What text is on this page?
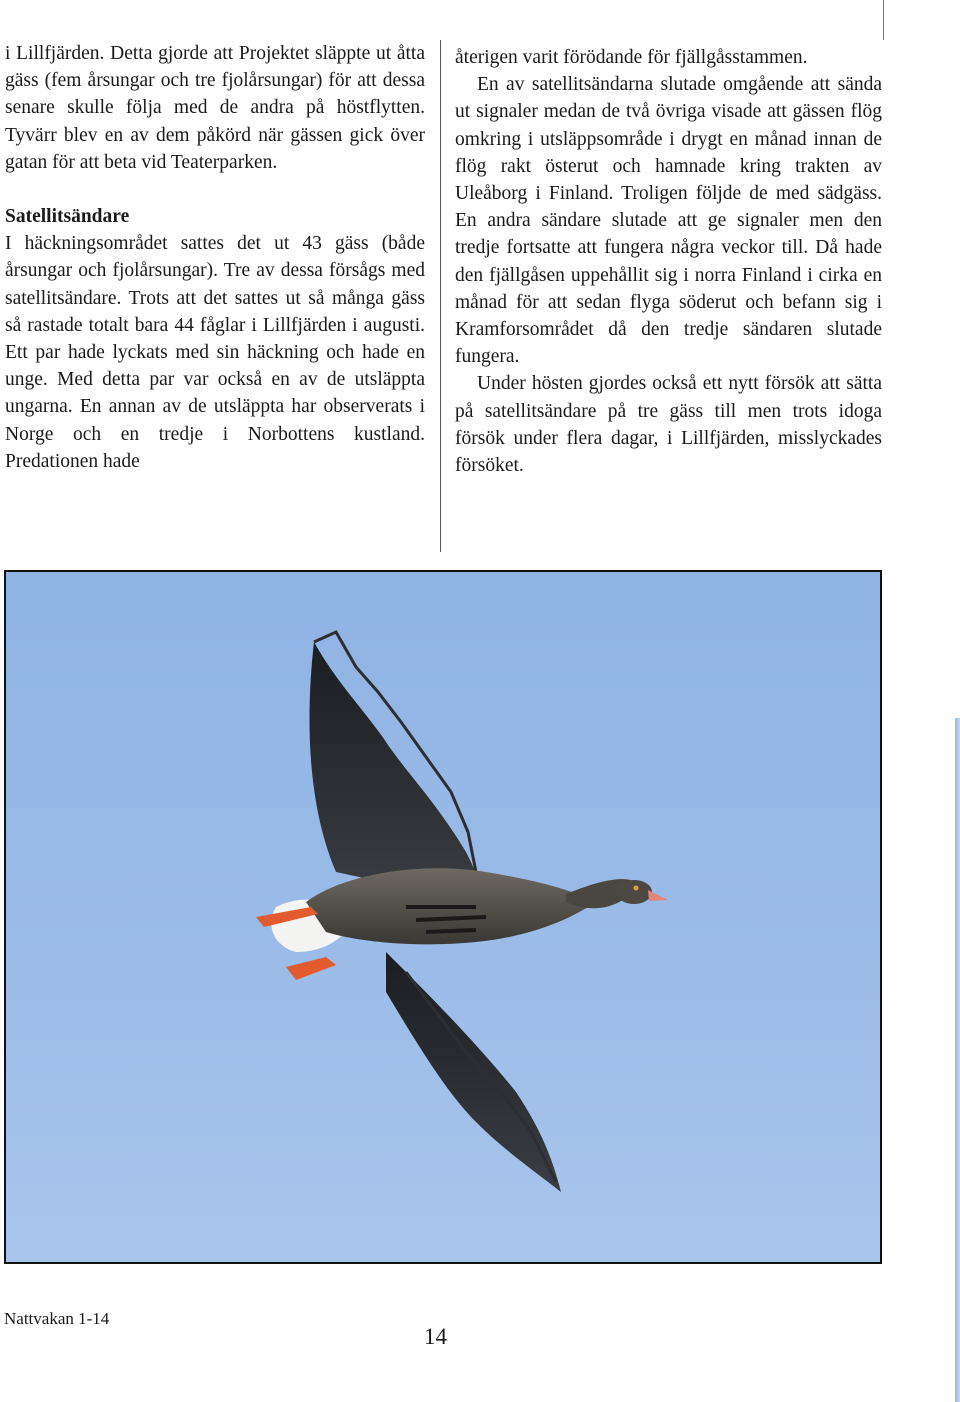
i Lillfjärden. Detta gjorde att Projektet släppte ut åtta gäss (fem årsungar och tre fjolårsungar) för att dessa senare skulle följa med de andra på höstflytten. Tyvärr blev en av dem påkörd när gässen gick över gatan för att beta vid Teaterparken.

Satellitsändare

I häckningsområdet sattes det ut 43 gäss (både årsungar och fjolårsungar). Tre av dessa försågs med satellitsändare. Trots att det sattes ut så många gäss så rastade totalt bara 44 fåglar i Lillfjärden i augusti. Ett par hade lyckats med sin häckning och hade en unge. Med detta par var också en av de utsläppta ungarna. En annan av de utsläppta har observerats i Norge och en tredje i Norbottens kustland. Predationen hade

återigen varit förödande för fjällgåsstammen.

En av satellitsändarna slutade omgående att sända ut signaler medan de två övriga visade att gässen flög omkring i utsläppsområde i drygt en månad innan de flög rakt österut och hamnade kring trakten av Uleåborg i Finland. Troligen följde de med sädgäss. En andra sändare slutade att ge signaler men den tredje fortsatte att fungera några veckor till. Då hade den fjällgåsen uppehållit sig i norra Finland i cirka en månad för att sedan flyga söderut och befann sig i Kramforsområdet då den tredje sändaren slutade fungera.

Under hösten gjordes också ett nytt försök att sätta på satellitsändare på tre gäss till men trots idoga försök under flera dagar, i Lillfjärden, misslyckades försöket.

Nattvakan 1-14
14
